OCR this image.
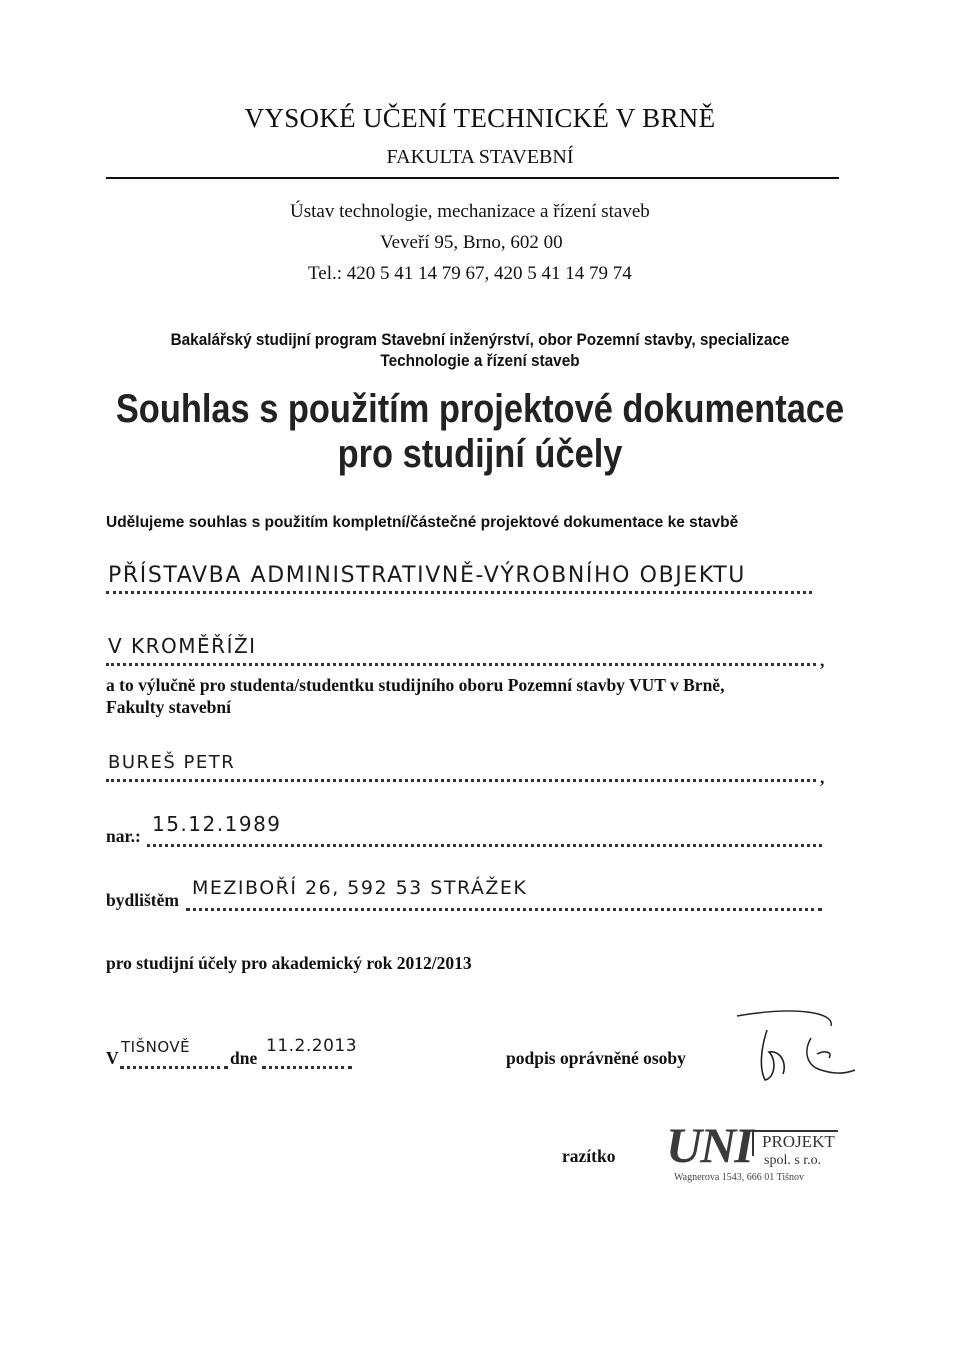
VYSOKÉ UČENÍ TECHNICKÉ V BRNĚ
FAKULTA STAVEBNÍ
Ústav technologie, mechanizace a řízení staveb
Veveří 95, Brno, 602 00
Tel.: 420 5 41 14 79 67, 420 5 41 14 79 74
Bakalářský studijní program Stavební inženýrství, obor Pozemní stavby, specializace
Technologie a řízení staveb
Souhlas s použitím projektové dokumentace
pro studijní účely
Udělujeme souhlas s použitím kompletní/částečné projektové dokumentace ke stavbě
PŘÍSTAVBA ADMINISTRATIVNĚ-VÝROBNÍHO OBJEKTU
V KROMĚŘÍŽI
,
a to výlučně pro studenta/studentku studijního oboru Pozemní stavby VUT v Brně,
Fakulty stavební
BUREŠ PETR
,
nar.: 15.12.1989
bydlištěm
MEZIBOŘÍ 26, 592 53 STRÁŽEK
pro studijní účely pro akademický rok 2012/2013
V
TIŠNOVĚ
dne
11.2.2013
podpis oprávněné osoby
razítko UNI PROJEKT
spol. s r.o.
Wagnerova 1543, 666 01 Tišnov
